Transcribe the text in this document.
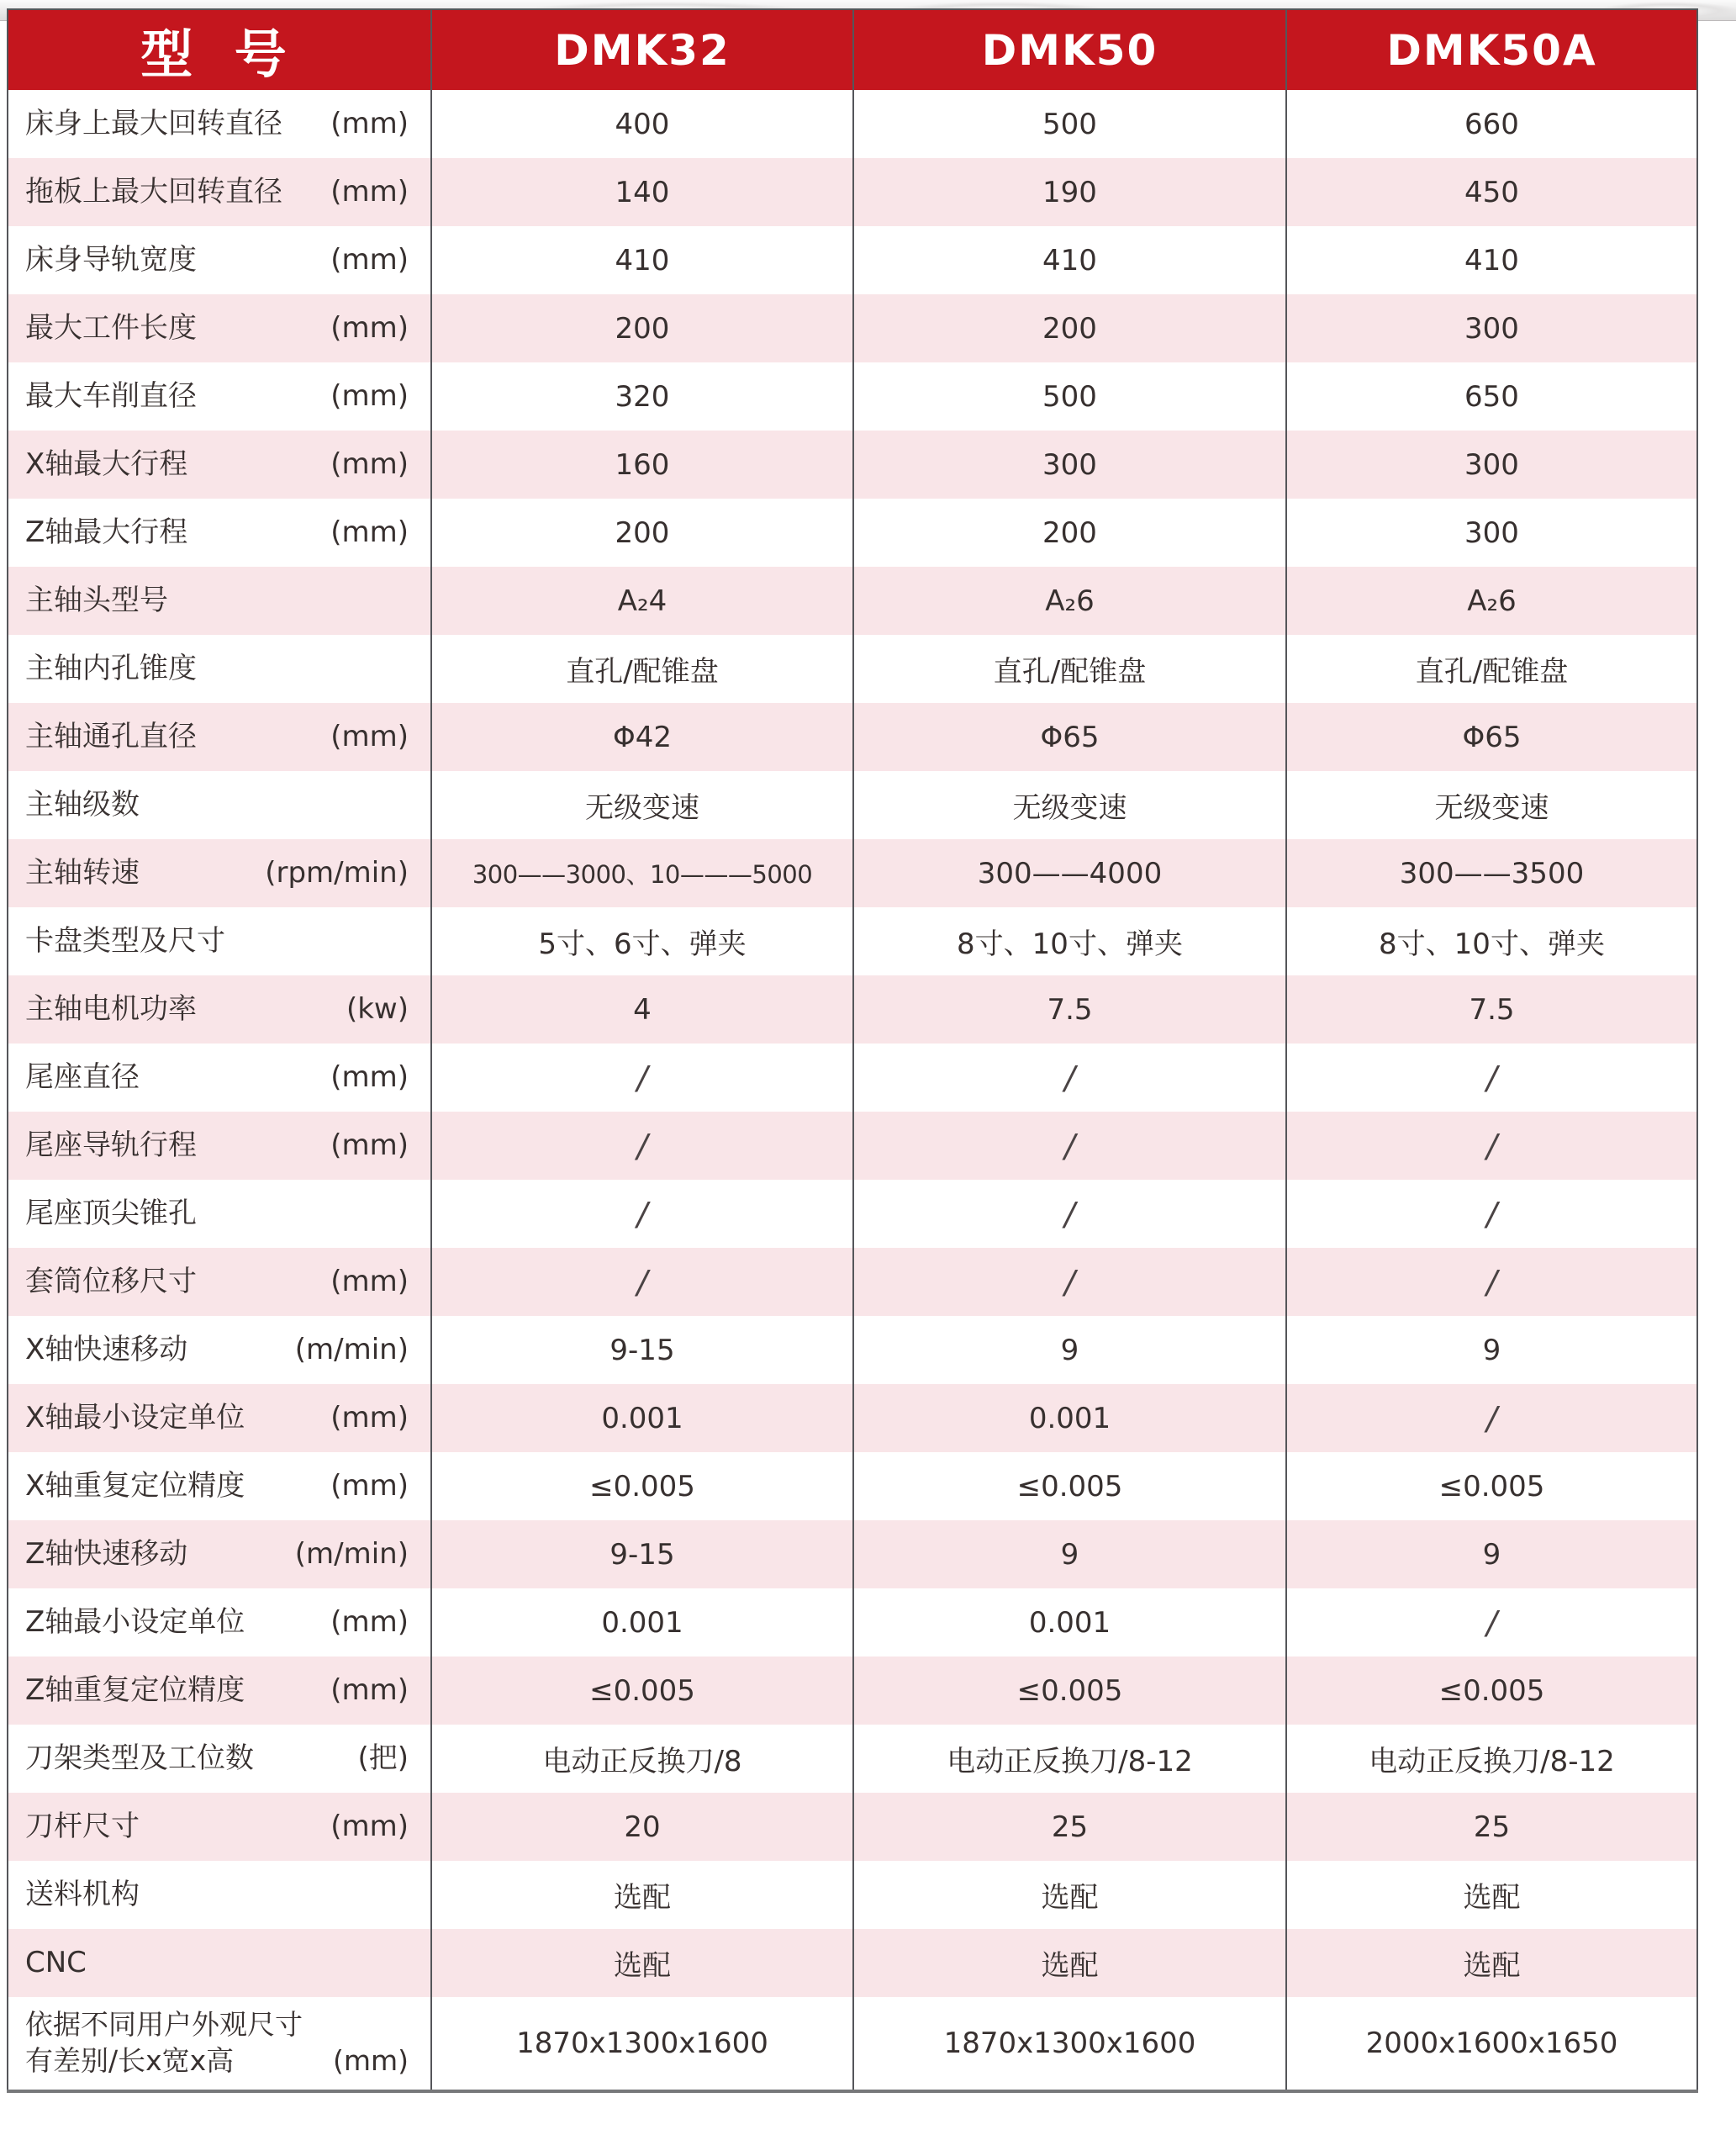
型 号	DMK32	DMK50	DMK50A

床身上最大回转直径 (mm)	400	500	660

拖板上最大回转直径 (mm)	140	190	450

床身导轨宽度 (mm)	410	410	410

最大工件长度 (mm)	200	200	300

最大车削直径 (mm)	320	500	650

X轴最大行程 (mm)	160	300	300

Z轴最大行程 (mm)	200	200	300

主轴头型号	A₂4	A₂6	A₂6

主轴内孔锥度	直孔/配锥盘	直孔/配锥盘	直孔/配锥盘

主轴通孔直径 (mm)	Φ42	Φ65	Φ65

主轴级数	无级变速	无级变速	无级变速

主轴转速 (rpm/min)	300——3000、10———5000	300——4000	300——3500

卡盘类型及尺寸	5寸、6寸、弹夹	8寸、10寸、弹夹	8寸、10寸、弹夹

主轴电机功率 (kw)	4	7.5	7.5

尾座直径 (mm)	/	/	/

尾座导轨行程 (mm)	/	/	/

尾座顶尖锥孔	/	/	/

套筒位移尺寸 (mm)	/	/	/

X轴快速移动 (m/min)	9-15	9	9

X轴最小设定单位 (mm)	0.001	0.001	/

X轴重复定位精度 (mm)	≤0.005	≤0.005	≤0.005

Z轴快速移动 (m/min)	9-15	9	9

Z轴最小设定单位 (mm)	0.001	0.001	/

Z轴重复定位精度 (mm)	≤0.005	≤0.005	≤0.005

刀架类型及工位数 (把)	电动正反换刀/8	电动正反换刀/8-12	电动正反换刀/8-12

刀杆尺寸 (mm)	20	25	25

送料机构	选配	选配	选配

CNC	选配	选配	选配

依据不同用户外观尺寸
有差别/长x宽x高 (mm)	1870x1300x1600	1870x1300x1600	2000x1600x1650
